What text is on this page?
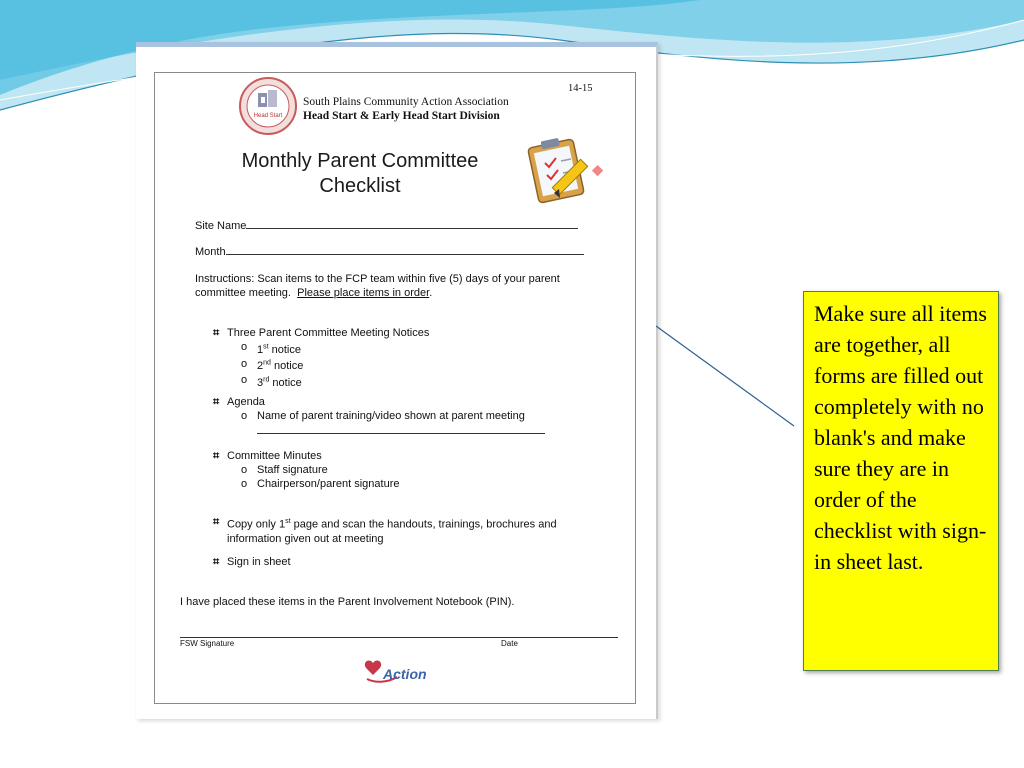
Head Start
South Plains Community Action Association
Head Start & Early Head Start Division
14-15
Monthly Parent Committee
Checklist
Site Name
Month
Instructions: Scan items to the FCP team within five (5) days of your parent committee meeting. Please place items in order.
⌗ Three Parent Committee Meeting Notices
o 1st notice
o 2nd notice
o 3rd notice
⌗ Agenda
o Name of parent training/video shown at parent meeting
⌗ Committee Minutes
o Staff signature
o Chairperson/parent signature
⌗ Copy only 1st page and scan the handouts, trainings, brochures and information given out at meeting
⌗ Sign in sheet
I have placed these items in the Parent Involvement Notebook (PIN).
FSW Signature	Date
Action
Make sure all items are together, all forms are filled out completely with no blank's and make sure they are in order of the checklist with sign-in sheet last.
